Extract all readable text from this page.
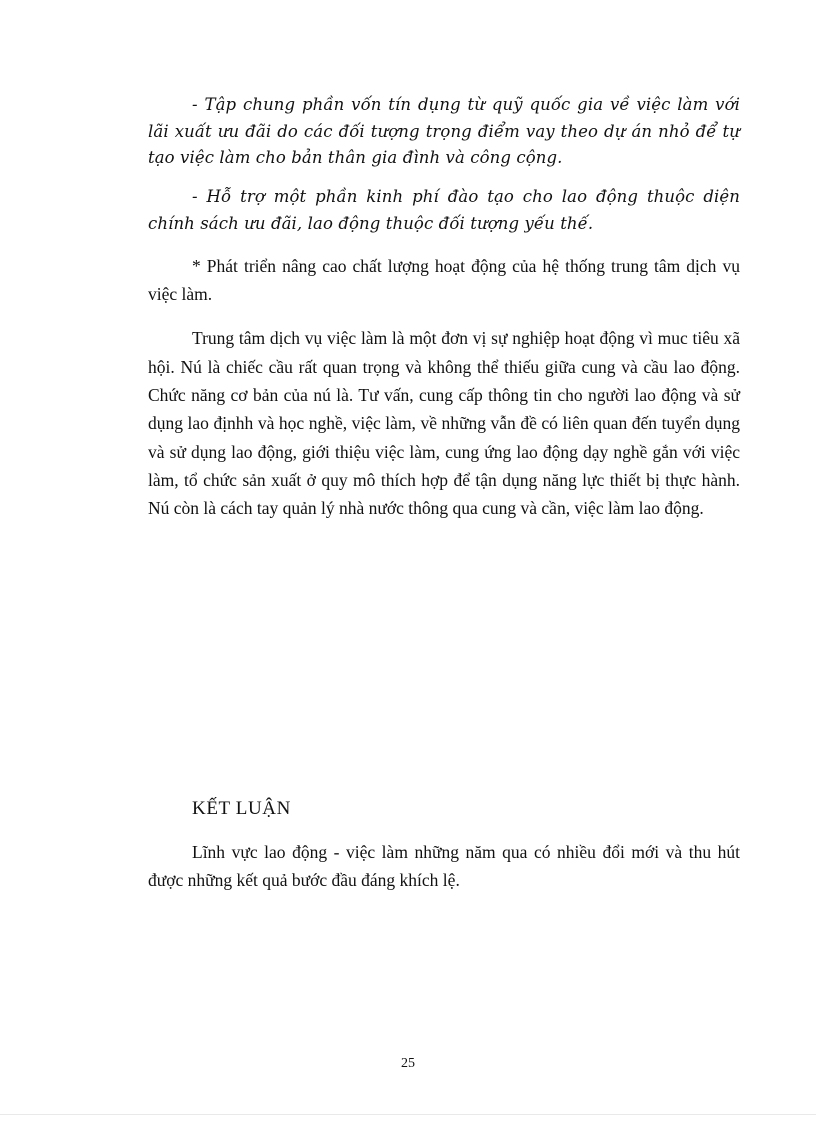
- Tập chung phần vốn tín dụng từ quỹ quốc gia về việc làm với lãi xuất ưu đãi do các đối tượng trọng điểm vay theo dự án nhỏ để tự tạo việc làm cho bản thân gia đình và công cộng.

- Hỗ trợ một phần kinh phí đào tạo cho lao động thuộc diện chính sách ưu đãi, lao động thuộc đối tượng yếu thế.

* Phát triển nâng cao chất lượng hoạt động của hệ thống trung tâm dịch vụ việc làm.

Trung tâm dịch vụ việc làm là một đơn vị sự nghiệp hoạt động vì muc tiêu xã hội. Nú là chiếc cầu rất quan trọng và không thể thiếu giữa cung và cầu lao động. Chức năng cơ bản của nú là. Tư vấn, cung cấp thông tin cho người lao động và sử dụng lao địnhh và học nghề, việc làm, về những vẫn đề có liên quan đến tuyển dụng và sử dụng lao động, giới thiệu việc làm, cung ứng lao động dạy nghề gắn với việc làm, tổ chức sản xuất ở quy mô thích hợp để tận dụng năng lực thiết bị thực hành. Nú còn là cách tay quản lý nhà nước thông qua cung và cần, việc làm lao động.

KẾT LUẬN

Lĩnh vực lao động - việc làm những năm qua có nhiều đổi mới và thu hút được những kết quả bước đầu đáng khích lệ.

25
